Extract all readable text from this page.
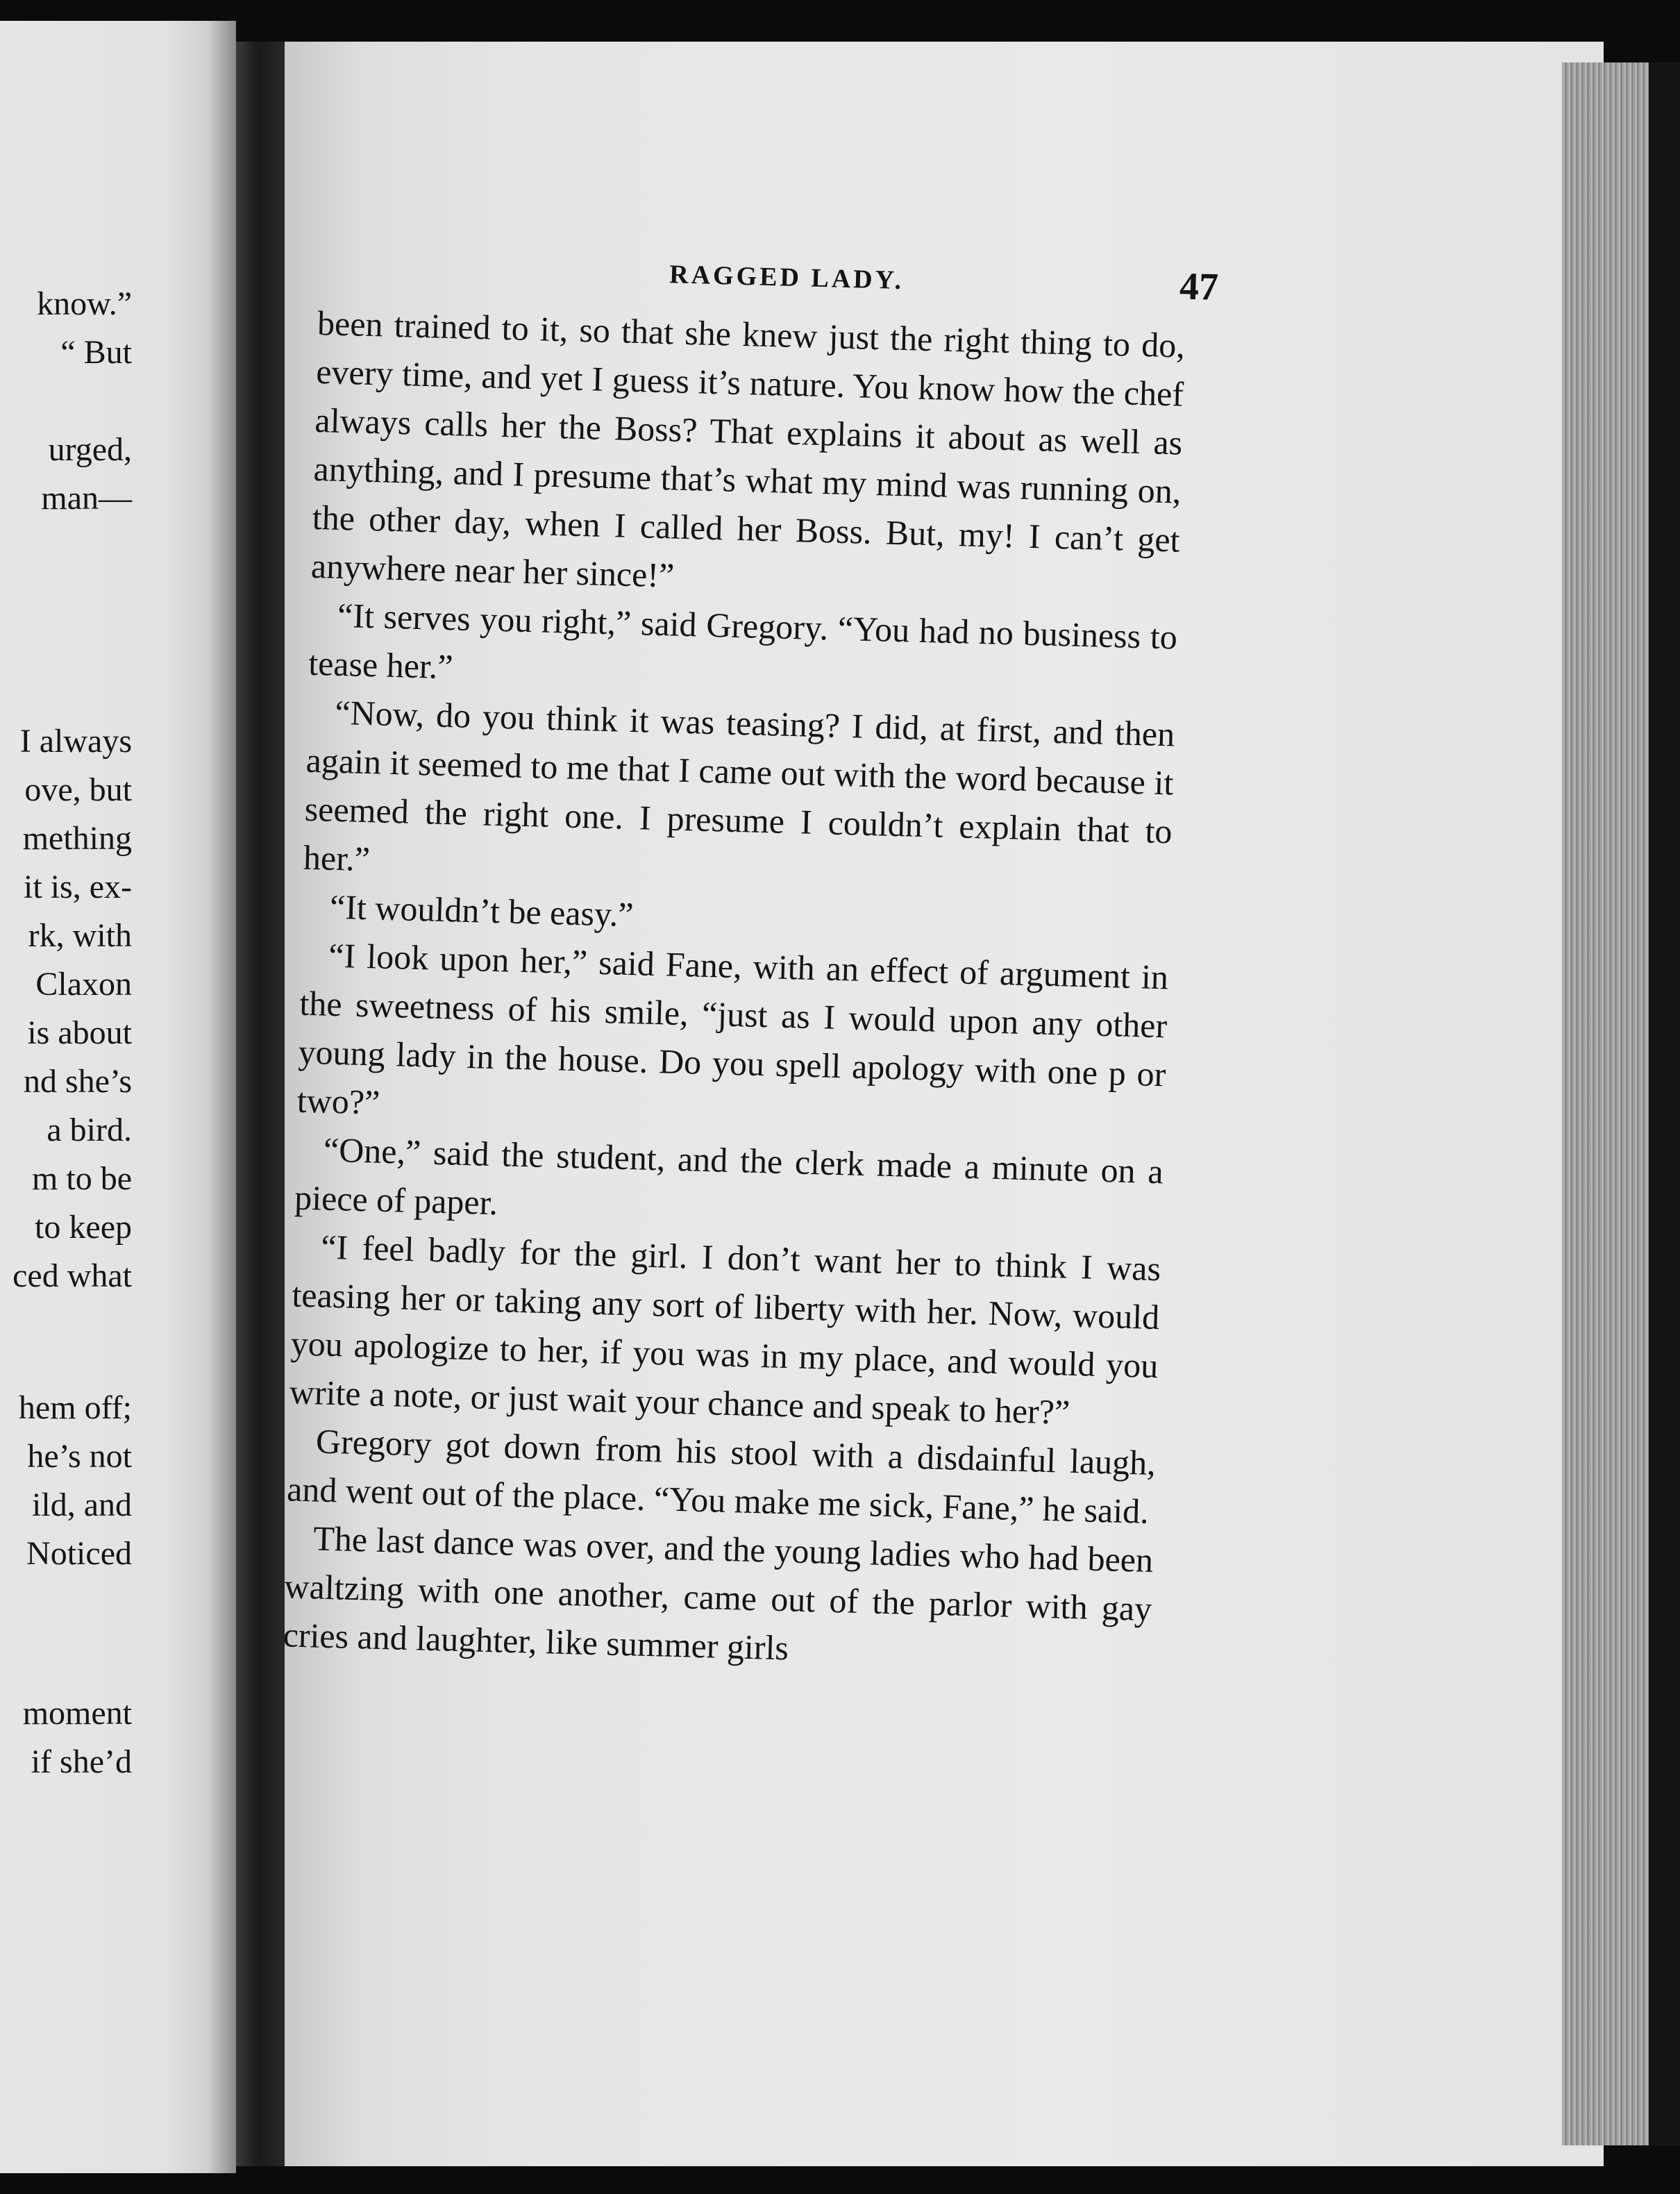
know.”
“ But
urged,
man—
I always
ove, but
mething
it is, ex-
rk, with
Claxon
is about
nd she’s
a bird.
m to be
to keep
ced what
hem off;
he’s not
ild, and
Noticed
moment
if she’d
RAGGED LADY.	47

been trained to it, so that she knew just the right thing to do, every time, and yet I guess it’s nature. You know how the chef always calls her the Boss? That explains it about as well as anything, and I presume that’s what my mind was running on, the other day, when I called her Boss. But, my! I can’t get anywhere near her since!”

“It serves you right,” said Gregory. “You had no business to tease her.”

“Now, do you think it was teasing? I did, at first, and then again it seemed to me that I came out with the word because it seemed the right one. I presume I couldn’t explain that to her.”

“It wouldn’t be easy.”

“I look upon her,” said Fane, with an effect of argument in the sweetness of his smile, “just as I would upon any other young lady in the house. Do you spell apology with one p or two?”

“One,” said the student, and the clerk made a minute on a piece of paper.

“I feel badly for the girl. I don’t want her to think I was teasing her or taking any sort of liberty with her. Now, would you apologize to her, if you was in my place, and would you write a note, or just wait your chance and speak to her?”

Gregory got down from his stool with a disdainful laugh, and went out of the place. “You make me sick, Fane,” he said.

The last dance was over, and the young ladies who had been waltzing with one another, came out of the parlor with gay cries and laughter, like summer girls
